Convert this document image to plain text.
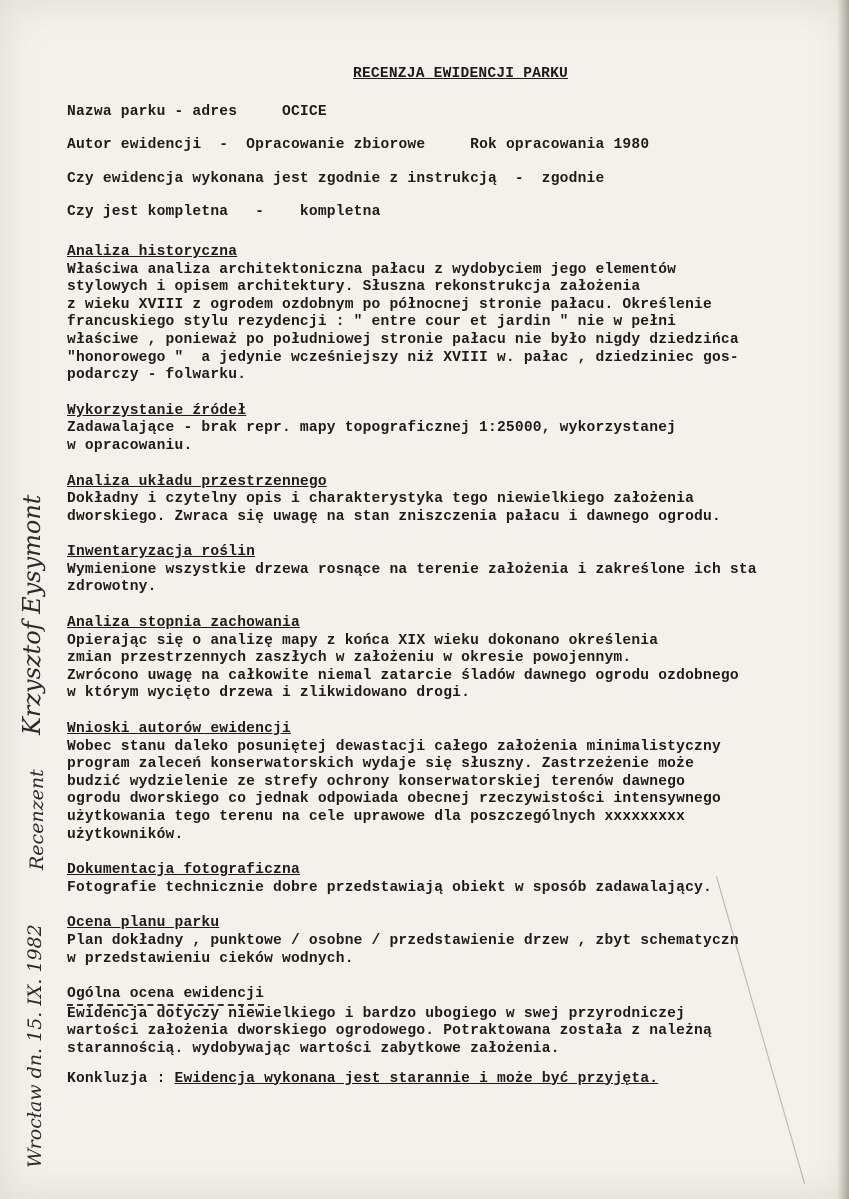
RECENZJA EWIDENCJI PARKU
Nazwa parku - adres	OCICE
Autor ewidencji  -  Opracowanie zbiorowe	Rok opracowania 1980
Czy ewidencja wykonana jest zgodnie z instrukcją  -  zgodnie
Czy jest kompletna   -    kompletna
Analiza historyczna
Właściwa analiza architektoniczna pałacu z wydobyciem jego elementów
stylowych i opisem architektury. Słuszna rekonstrukcja założenia
z wieku XVIII z ogrodem ozdobnym po północnej stronie pałacu. Określenie
francuskiego stylu rezydencji : " entre cour et jardin " nie w pełni
właściwe , ponieważ po południowej stronie pałacu nie było nigdy dziedzińca
"honorowego "  a jedynie wcześniejszy niż XVIII w. pałac , dziedziniec gos-
podarczy - folwarku.
Wykorzystanie źródeł
Zadawalające - brak repr. mapy topograficznej 1:25000, wykorzystanej
w opracowaniu.
Analiza układu przestrzennego
Dokładny i czytelny opis i charakterystyka tego niewielkiego założenia
dworskiego. Zwraca się uwagę na stan zniszczenia pałacu i dawnego ogrodu.
Inwentaryzacja roślin
Wymienione wszystkie drzewa rosnące na terenie założenia i zakreślone ich sta
zdrowotny.
Analiza stopnia zachowania
Opierając się o analizę mapy z końca XIX wieku dokonano określenia
zmian przestrzennych zaszłych w założeniu w okresie powojennym.
Zwrócono uwagę na całkowite niemal zatarcie śladów dawnego ogrodu ozdobnego
w którym wycięto drzewa i zlikwidowano drogi.
Wnioski autorów ewidencji
Wobec stanu daleko posuniętej dewastacji całego założenia minimalistyczny
program zaleceń konserwatorskich wydaje się słuszny. Zastrzeżenie może
budzić wydzielenie ze strefy ochrony konserwatorskiej terenów dawnego
ogrodu dworskiego co jednak odpowiada obecnej rzeczywistości intensywnego
użytkowania tego terenu na cele uprawowe dla poszczególnych xxxxxxxxx
użytkowników.
Dokumentacja fotograficzna
Fotografie technicznie dobre przedstawiają obiekt w sposób zadawalający.
Ocena planu parku
Plan dokładny , punktowe / osobne / przedstawienie drzew , zbyt schematyczn
w przedstawieniu cieków wodnych.
Ogólna ocena ewidencji
Ewidencja dotyczy niewielkiego i bardzo ubogiego w swej przyrodniczej
wartości założenia dworskiego ogrodowego. Potraktowana została z należną
starannością. wydobywając wartości zabytkowe założenia.
Konkluzja : Ewidencja wykonana jest starannie i może być przyjęta.
Krzysztof Eysymont
Recenzent
Wrocław dn. 15. IX. 1982
